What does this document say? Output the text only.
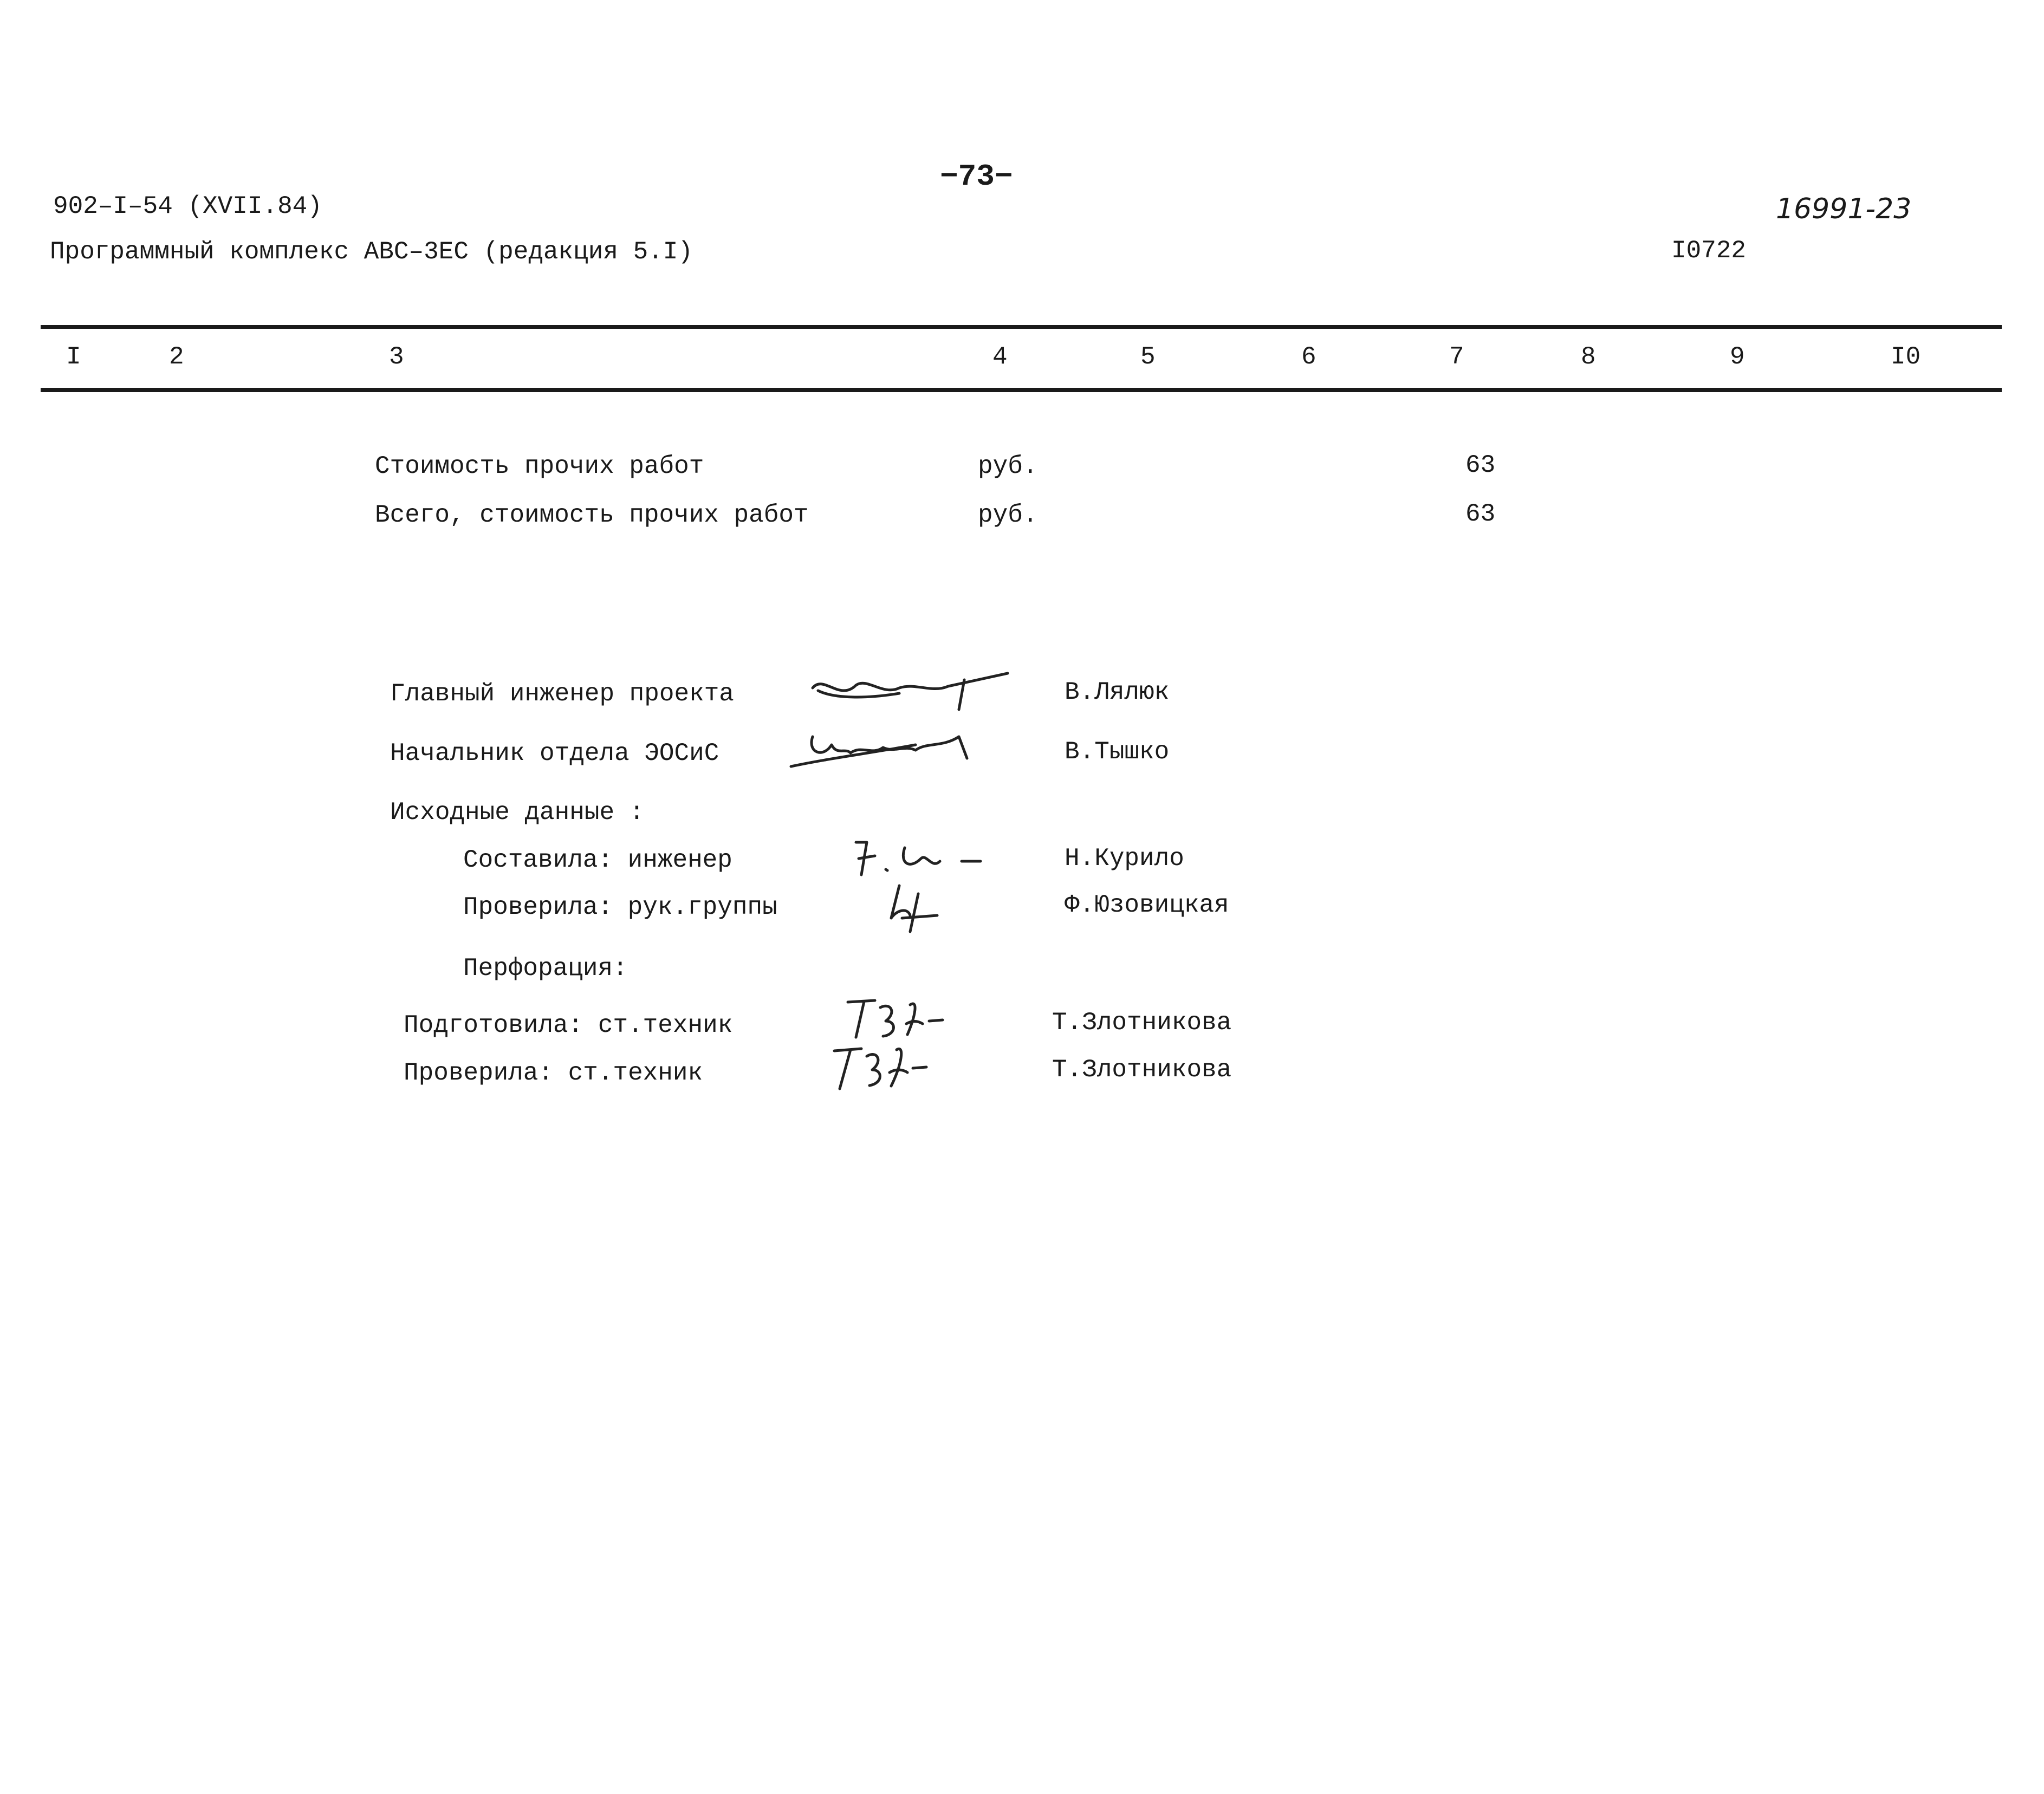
−73−
902–I–54 (XVII.84)	16991-23
Программный комплекс АВС–3ЕС (редакция 5.I)	I0722
I	2	3	4	5	6	7	8	9	I0
Стоимость прочих работ	руб.	63
Всего, стоимость прочих работ	руб.	63
Главный инженер проекта	В.Лялюк
Начальник отдела ЭОСиС	В.Тышко
Исходные данные :
Составила: инженер	Н.Курило
Проверила: рук.группы	Ф.Юзовицкая
Перфорация:
Подготовила: ст.техник	Т.Злотникова
Проверила: ст.техник	Т.Злотникова
